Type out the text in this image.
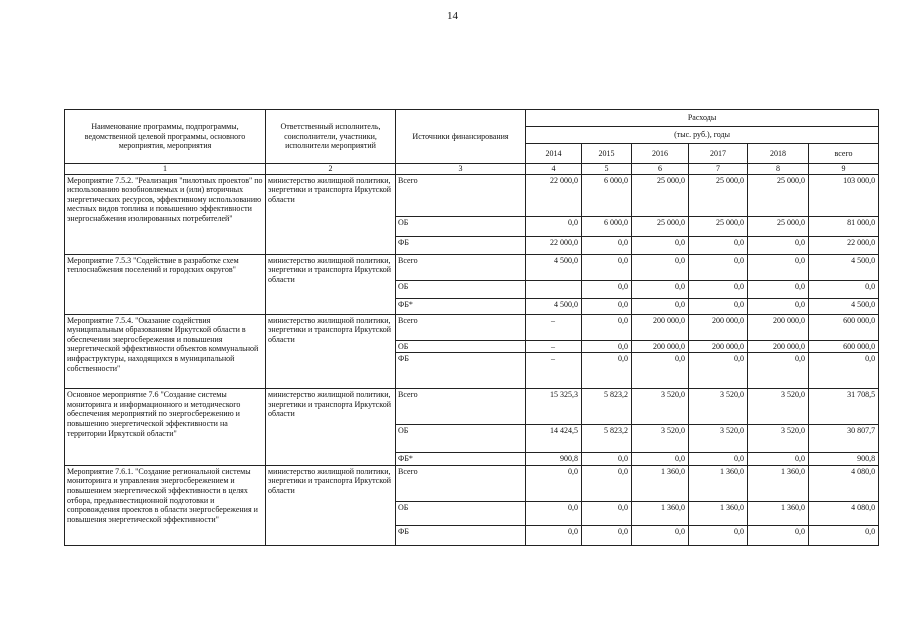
14
Наименование программы, подпрограммы, ведомственной целевой программы, основного мероприятия, мероприятия	Ответственный исполнитель, соисполнители, участники, исполнители мероприятий	Источники финансирования	Расходы					
			(тыс. руб.), годы					
			2014	2015	2016	2017	2018	всего
1	2	3	4	5	6	7	8	9
Мероприятие 7.5.2. "Реализация "пилотных проектов" по использованию возобновляемых и (или) вторичных энергетических ресурсов, эффективному использованию местных видов топлива и повышению эффективности энергоснабжения изолированных потребителей"	министерство жилищной политики, энергетики и транспорта Иркутской области	Всего	22 000,0	6 000,0	25 000,0	25 000,0	25 000,0	103 000,0
		ОБ	0,0	6 000,0	25 000,0	25 000,0	25 000,0	81 000,0
		ФБ	22 000,0	0,0	0,0	0,0	0,0	22 000,0
Мероприятие 7.5.3 "Содействие в разработке схем теплоснабжения поселений и городских округов"	министерство жилищной политики, энергетики и транспорта Иркутской области	Всего	4 500,0	0,0	0,0	0,0	0,0	4 500,0
		ОБ		0,0	0,0	0,0	0,0	0,0
		ФБ*	4 500,0	0,0	0,0	0,0	0,0	4 500,0
Мероприятие 7.5.4. "Оказание содействия муниципальным образованиям Иркутской области в обеспечении энергосбережения и повышения энергетической эффективности объектов коммунальной инфраструктуры, находящихся в муниципальной собственности"	министерство жилищной политики, энергетики и транспорта Иркутской области	Всего	–	0,0	200 000,0	200 000,0	200 000,0	600 000,0
		ОБ	–	0,0	200 000,0	200 000,0	200 000,0	600 000,0
		ФБ	–	0,0	0,0	0,0	0,0	0,0
Основное мероприятие 7.6 "Создание системы мониторинга и информационного и методического обеспечения мероприятий по энергосбережению и повышению энергетической эффективности на территории Иркутской области"	министерство жилищной политики, энергетики и транспорта Иркутской области	Всего	15 325,3	5 823,2	3 520,0	3 520,0	3 520,0	31 708,5
		ОБ	14 424,5	5 823,2	3 520,0	3 520,0	3 520,0	30 807,7
		ФБ*	900,8	0,0	0,0	0,0	0,0	900,8
Мероприятие 7.6.1. "Создание региональной системы мониторинга и управления энергосбережением и повышением энергетической эффективности в целях отбора, предынвестиционной подготовки и сопровождения проектов в области энергосбережения и повышения энергетической эффективности"	министерство жилищной политики, энергетики и транспорта Иркутской области	Всего	0,0	0,0	1 360,0	1 360,0	1 360,0	4 080,0
		ОБ	0,0	0,0	1 360,0	1 360,0	1 360,0	4 080,0
		ФБ	0,0	0,0	0,0	0,0	0,0	0,0
